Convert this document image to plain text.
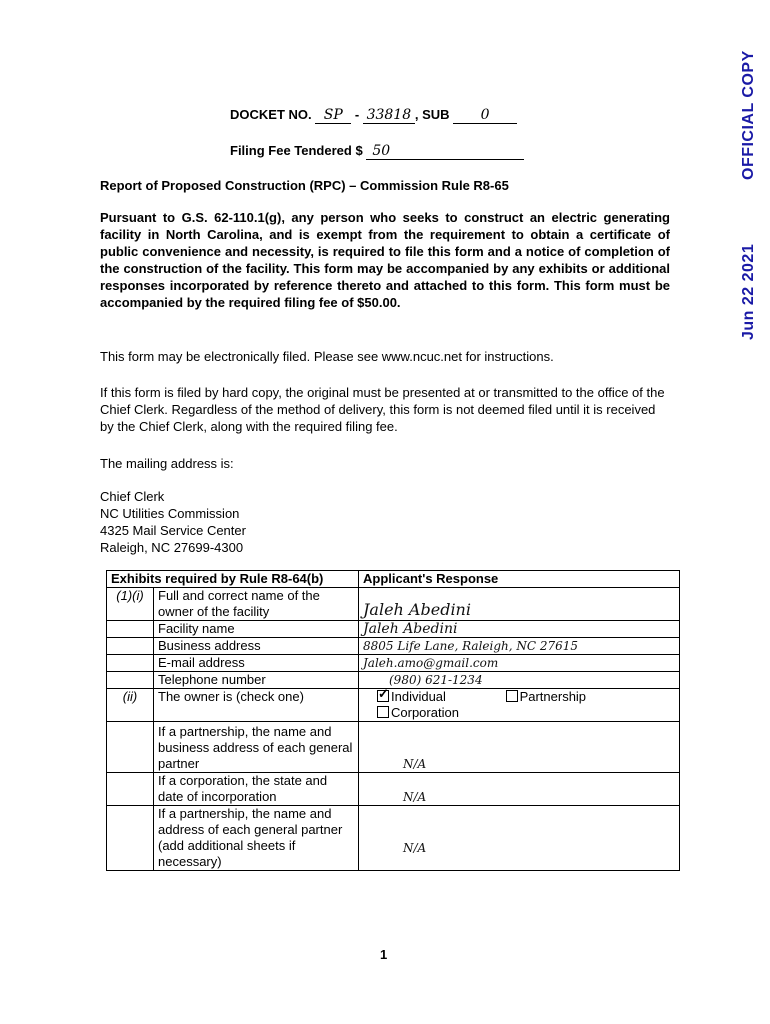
OFFICIAL COPY
Jun 22 2021
DOCKET NO. SP - 33818 , SUB 0
Filing Fee Tendered $ 50
Report of Proposed Construction (RPC) – Commission Rule R8-65
Pursuant to G.S. 62-110.1(g), any person who seeks to construct an electric generating facility in North Carolina, and is exempt from the requirement to obtain a certificate of public convenience and necessity, is required to file this form and a notice of completion of the construction of the facility. This form may be accompanied by any exhibits or additional responses incorporated by reference thereto and attached to this form. This form must be accompanied by the required filing fee of $50.00.
This form may be electronically filed. Please see www.ncuc.net for instructions.
If this form is filed by hard copy, the original must be presented at or transmitted to the office of the Chief Clerk. Regardless of the method of delivery, this form is not deemed filed until it is received by the Chief Clerk, along with the required filing fee.
The mailing address is:
Chief Clerk
NC Utilities Commission
4325 Mail Service Center
Raleigh, NC 27699-4300
Exhibits required by Rule R8-64(b)		Applicant's Response
(1)(i)	Full and correct name of the owner of the facility	Jaleh Abedini
	Facility name	Jaleh Abedini
	Business address	8805 Life Lane, Raleigh, NC 27615
	E-mail address	Jaleh.amo@gmail.com
	Telephone number	(980) 621-1234
(ii)	The owner is (check one)	
✓Individual Partnership
Corporation

	If a partnership, the name and business address of each general partner	N/A
	If a corporation, the state and date of incorporation	N/A
	If a partnership, the name and address of each general partner (add additional sheets if necessary)	N/A
1
